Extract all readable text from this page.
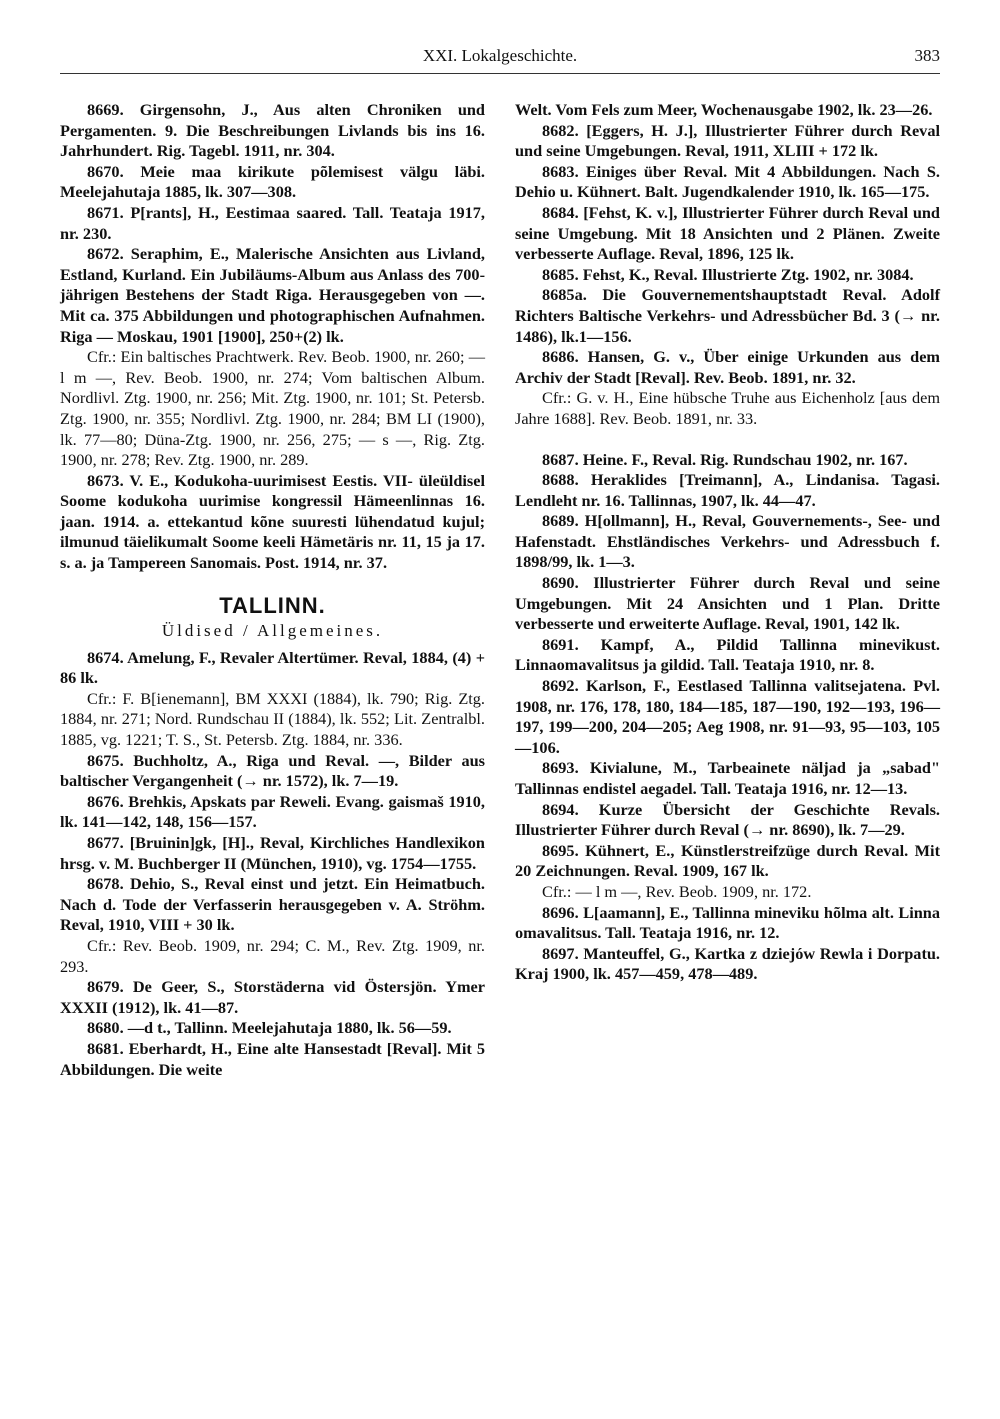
XXI. Lokalgeschichte.	383

8669. Girgensohn, J., Aus alten Chroniken und Pergamenten. 9. Die Beschreibungen Livlands bis ins 16. Jahrhundert. Rig. Tagebl. 1911, nr. 304.

8670. Meie maa kirikute põlemisest välgu läbi. Meelejahutaja 1885, lk. 307—308.

8671. P[rants], H., Eestimaa saared. Tall. Teataja 1917, nr. 230.

8672. Seraphim, E., Malerische Ansichten aus Livland, Estland, Kurland. Ein Jubiläums-Album aus Anlass des 700-jährigen Bestehens der Stadt Riga. Herausgegeben von —. Mit ca. 375 Abbildungen und photographischen Aufnahmen. Riga — Moskau, 1901 [1900], 250+(2) lk.

Cfr.: Ein baltisches Prachtwerk. Rev. Beob. 1900, nr. 260; — l m —, Rev. Beob. 1900, nr. 274; Vom baltischen Album. Nordlivl. Ztg. 1900, nr. 256; Mit. Ztg. 1900, nr. 101; St. Petersb. Ztg. 1900, nr. 355; Nordlivl. Ztg. 1900, nr. 284; BM LI (1900), lk. 77—80; Düna-Ztg. 1900, nr. 256, 275; — s —, Rig. Ztg. 1900, nr. 278; Rev. Ztg. 1900, nr. 289.

8673. V. E., Kodukoha-uurimisest Eestis. VII- üleüldisel Soome kodukoha uurimise kongressil Hämeenlinnas 16. jaan. 1914. a. ettekantud kõne suuresti lühendatud kujul; ilmunud täielikumalt Soome keeli Hämetäris nr. 11, 15 ja 17. s. a. ja Tampereen Sanomais. Post. 1914, nr. 37.

TALLINN.
Üldised / Allgemeines.

8674. Amelung, F., Revaler Altertümer. Reval, 1884, (4) + 86 lk.

Cfr.: F. B[ienemann], BM XXXI (1884), lk. 790; Rig. Ztg. 1884, nr. 271; Nord. Rundschau II (1884), lk. 552; Lit. Zentralbl. 1885, vg. 1221; T. S., St. Petersb. Ztg. 1884, nr. 336.

8675. Buchholtz, A., Riga und Reval. —, Bilder aus baltischer Vergangenheit (→ nr. 1572), lk. 7—19.

8676. Brehkis, Apskats par Reweli. Evang. gaismaš 1910, lk. 141—142, 148, 156—157.

8677. [Bruinin]gk, [H]., Reval, Kirchliches Handlexikon hrsg. v. M. Buchberger II (München, 1910), vg. 1754—1755.

8678. Dehio, S., Reval einst und jetzt. Ein Heimatbuch. Nach d. Tode der Verfasserin herausgegeben v. A. Ströhm. Reval, 1910, VIII + 30 lk.

Cfr.: Rev. Beob. 1909, nr. 294; C. M., Rev. Ztg. 1909, nr. 293.

8679. De Geer, S., Storstäderna vid Östersjön. Ymer XXXII (1912), lk. 41—87.

8680. —d t., Tallinn. Meelejahutaja 1880, lk. 56—59.

8681. Eberhardt, H., Eine alte Hansestadt [Reval]. Mit 5 Abbildungen. Die weite

Welt. Vom Fels zum Meer, Wochenausgabe 1902, lk. 23—26.

8682. [Eggers, H. J.], Illustrierter Führer durch Reval und seine Umgebungen. Reval, 1911, XLIII + 172 lk.

8683. Einiges über Reval. Mit 4 Abbildungen. Nach S. Dehio u. Kühnert. Balt. Jugendkalender 1910, lk. 165—175.

8684. [Fehst, K. v.], Illustrierter Führer durch Reval und seine Umgebung. Mit 18 Ansichten und 2 Plänen. Zweite verbesserte Auflage. Reval, 1896, 125 lk.

8685. Fehst, K., Reval. Illustrierte Ztg. 1902, nr. 3084.

8685a. Die Gouvernementshauptstadt Reval. Adolf Richters Baltische Verkehrs- und Adressbücher Bd. 3 (→ nr. 1486), lk.1—156.

8686. Hansen, G. v., Über einige Urkunden aus dem Archiv der Stadt [Reval]. Rev. Beob. 1891, nr. 32.

Cfr.: G. v. H., Eine hübsche Truhe aus Eichenholz [aus dem Jahre 1688]. Rev. Beob. 1891, nr. 33.

8687. Heine. F., Reval. Rig. Rundschau 1902, nr. 167.

8688. Heraklides [Treimann], A., Lindanisa. Tagasi. Lendleht nr. 16. Tallinnas, 1907, lk. 44—47.

8689. H[ollmann], H., Reval, Gouvernements-, See- und Hafenstadt. Ehstländisches Verkehrs- und Adressbuch f. 1898/99, lk. 1—3.

8690. Illustrierter Führer durch Reval und seine Umgebungen. Mit 24 Ansichten und 1 Plan. Dritte verbesserte und erweiterte Auflage. Reval, 1901, 142 lk.

8691. Kampf, A., Pildid Tallinna minevikust. Linnaomavalitsus ja gildid. Tall. Teataja 1910, nr. 8.

8692. Karlson, F., Eestlased Tallinna valitsejatena. Pvl. 1908, nr. 176, 178, 180, 184—185, 187—190, 192—193, 196—197, 199—200, 204—205; Aeg 1908, nr. 91—93, 95—103, 105—106.

8693. Kivialune, M., Tarbeainete näljad ja „sabad" Tallinnas endistel aegadel. Tall. Teataja 1916, nr. 12—13.

8694. Kurze Übersicht der Geschichte Revals. Illustrierter Führer durch Reval (→ nr. 8690), lk. 7—29.

8695. Kühnert, E., Künstlerstreifzüge durch Reval. Mit 20 Zeichnungen. Reval. 1909, 167 lk.

Cfr.: — l m —, Rev. Beob. 1909, nr. 172.

8696. L[aamann], E., Tallinna mineviku hõlma alt. Linna omavalitsus. Tall. Teataja 1916, nr. 12.

8697. Manteuffel, G., Kartka z dziejów Rewla i Dorpatu. Kraj 1900, lk. 457—459, 478—489.
